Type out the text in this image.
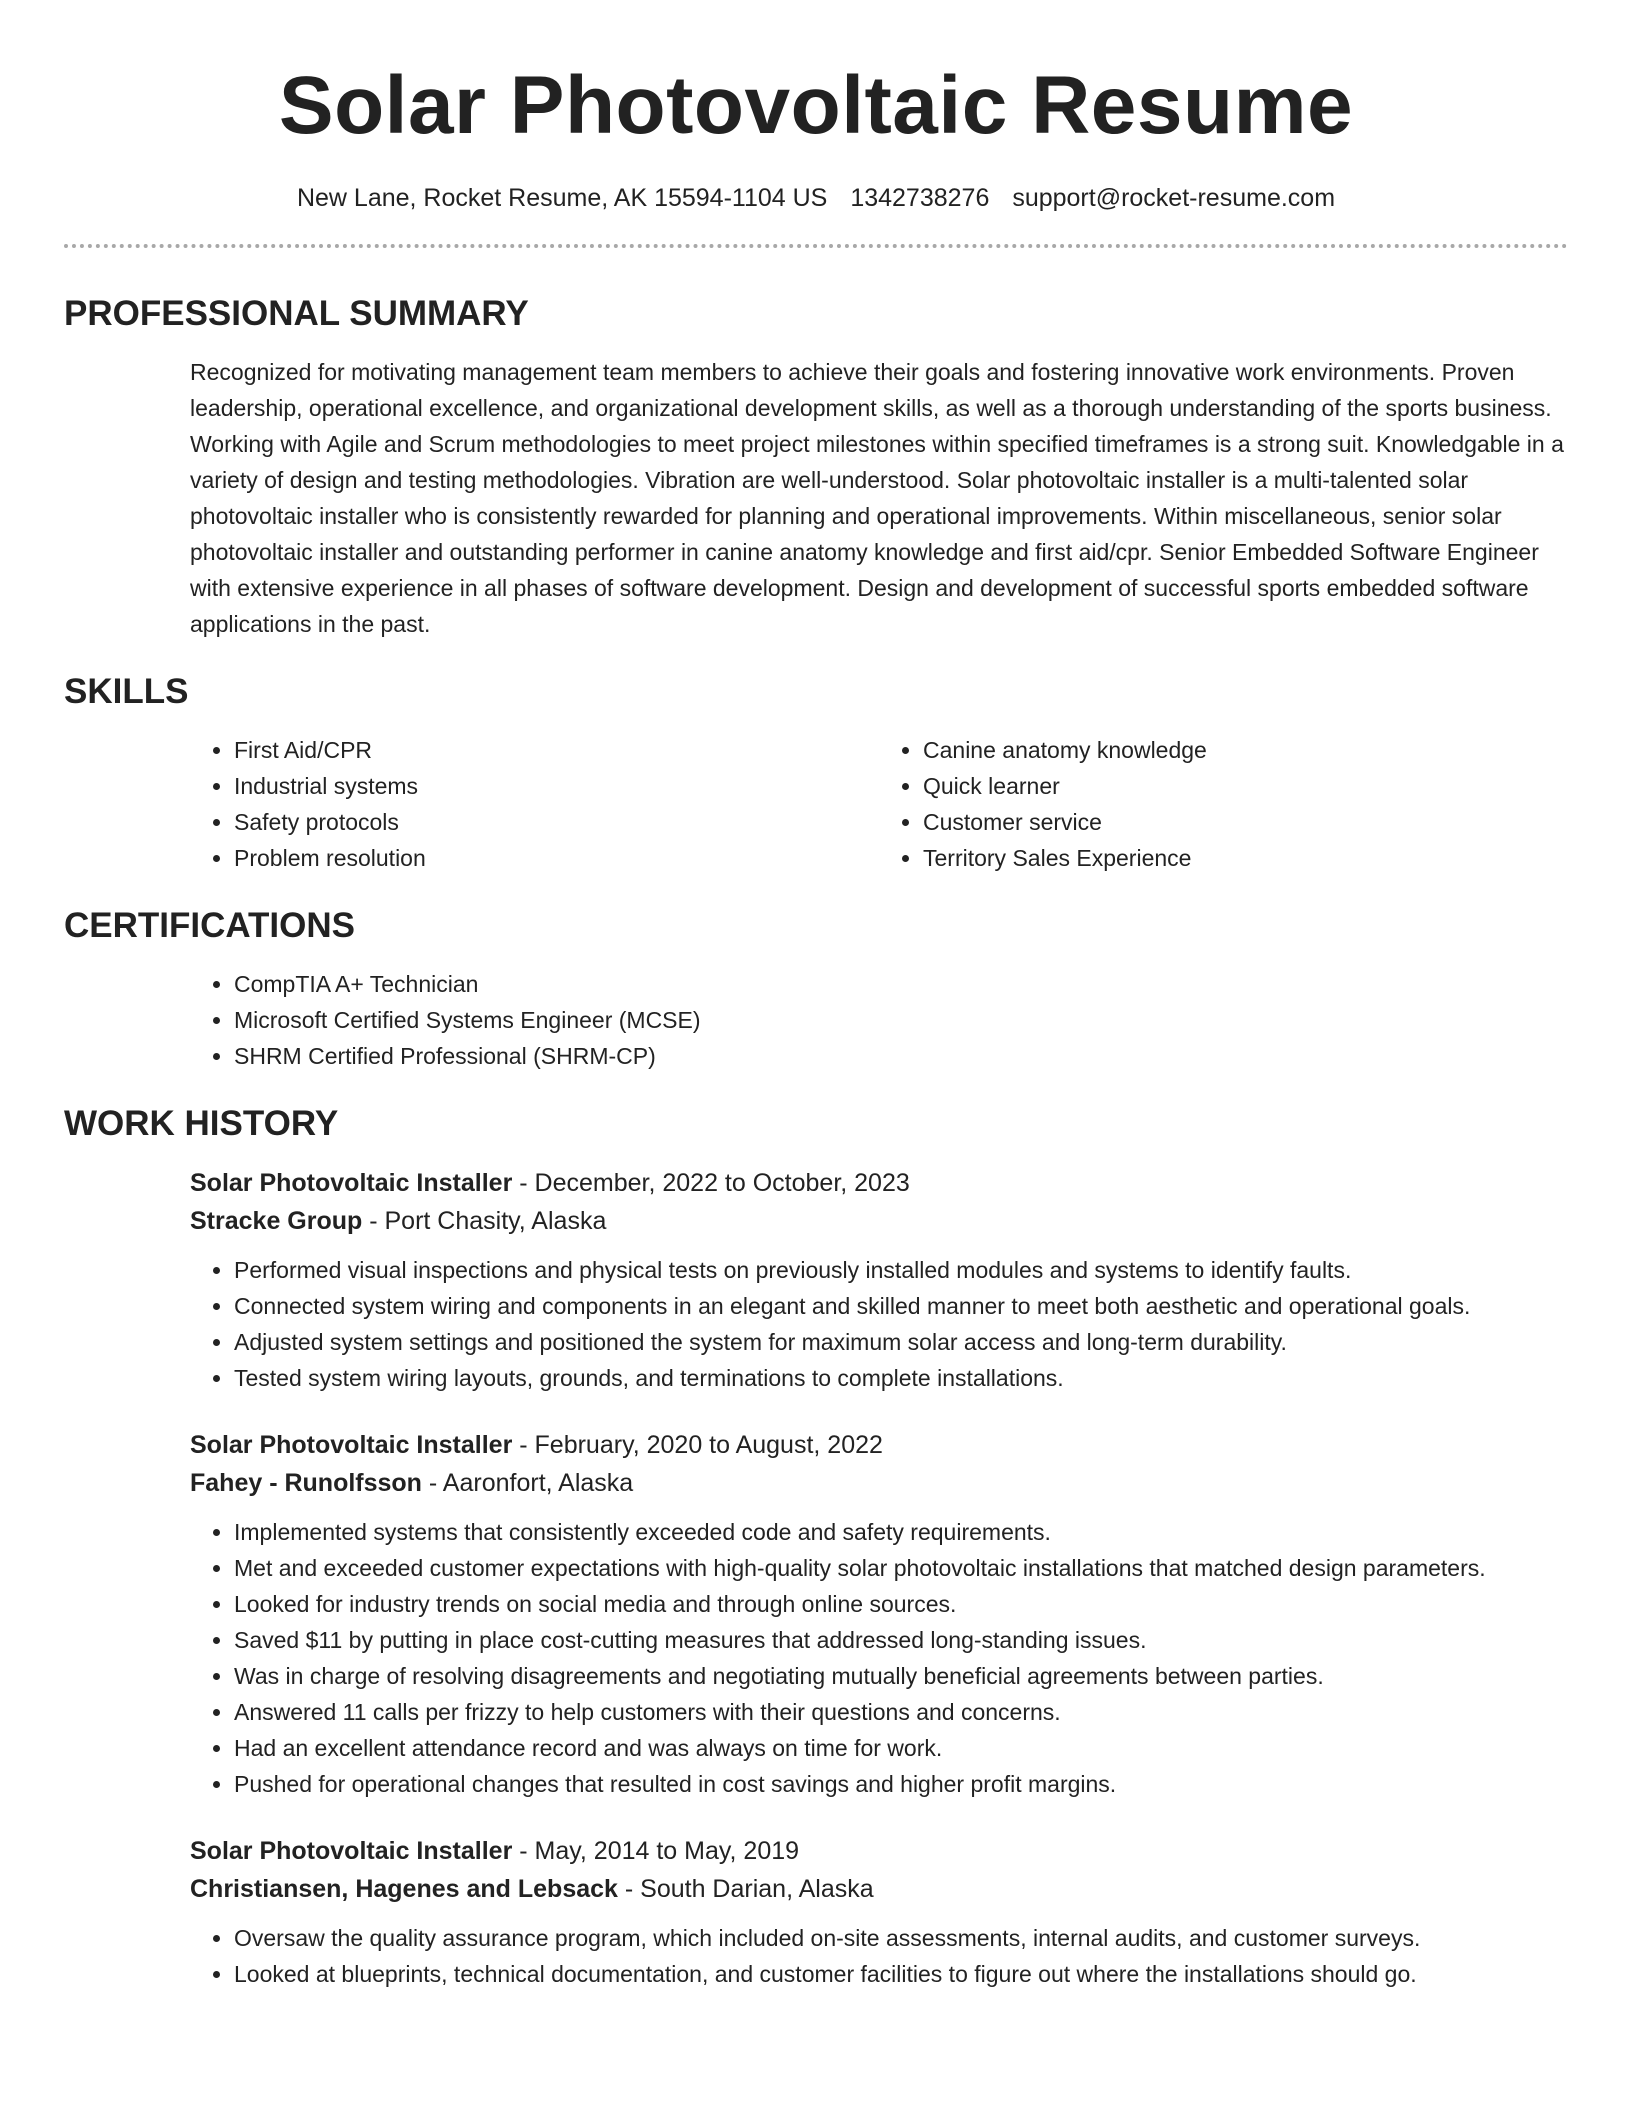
Solar Photovoltaic Resume
New Lane, Rocket Resume, AK 15594-1104 US 1342738276 support@rocket-resume.com
PROFESSIONAL SUMMARY

Recognized for motivating management team members to achieve their goals and fostering innovative work environments. Proven leadership, operational excellence, and organizational development skills, as well as a thorough understanding of the sports business. Working with Agile and Scrum methodologies to meet project milestones within specified timeframes is a strong suit. Knowledgable in a variety of design and testing methodologies. Vibration are well-understood. Solar photovoltaic installer is a multi-talented solar photovoltaic installer who is consistently rewarded for planning and operational improvements. Within miscellaneous, senior solar photovoltaic installer and outstanding performer in canine anatomy knowledge and first aid/cpr. Senior Embedded Software Engineer with extensive experience in all phases of software development. Design and development of successful sports embedded software applications in the past.

SKILLS
• First Aid/CPR
• Industrial systems
• Safety protocols
• Problem resolution
• Canine anatomy knowledge
• Quick learner
• Customer service
• Territory Sales Experience
CERTIFICATIONS
• CompTIA A+ Technician
• Microsoft Certified Systems Engineer (MCSE)
• SHRM Certified Professional (SHRM-CP)
WORK HISTORY
Solar Photovoltaic Installer - December, 2022 to October, 2023
Stracke Group - Port Chasity, Alaska
• Performed visual inspections and physical tests on previously installed modules and systems to identify faults.
• Connected system wiring and components in an elegant and skilled manner to meet both aesthetic and operational goals.
• Adjusted system settings and positioned the system for maximum solar access and long-term durability.
• Tested system wiring layouts, grounds, and terminations to complete installations.
Solar Photovoltaic Installer - February, 2020 to August, 2022
Fahey - Runolfsson - Aaronfort, Alaska
• Implemented systems that consistently exceeded code and safety requirements.
• Met and exceeded customer expectations with high-quality solar photovoltaic installations that matched design parameters.
• Looked for industry trends on social media and through online sources.
• Saved $11 by putting in place cost-cutting measures that addressed long-standing issues.
• Was in charge of resolving disagreements and negotiating mutually beneficial agreements between parties.
• Answered 11 calls per frizzy to help customers with their questions and concerns.
• Had an excellent attendance record and was always on time for work.
• Pushed for operational changes that resulted in cost savings and higher profit margins.
Solar Photovoltaic Installer - May, 2014 to May, 2019
Christiansen, Hagenes and Lebsack - South Darian, Alaska
• Oversaw the quality assurance program, which included on-site assessments, internal audits, and customer surveys.
• Looked at blueprints, technical documentation, and customer facilities to figure out where the installations should go.
